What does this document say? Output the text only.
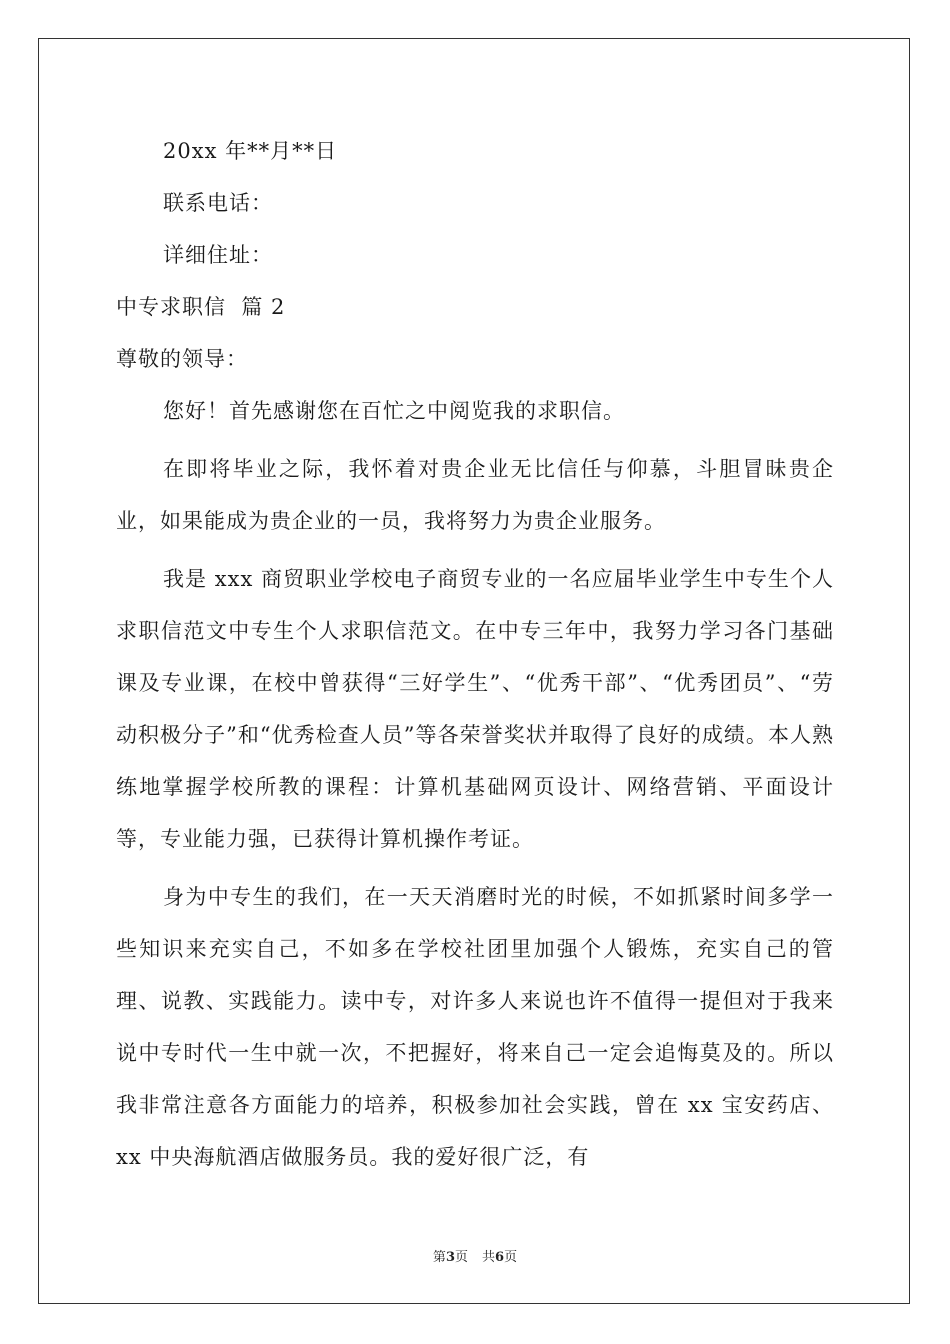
20xx 年**月**日
联系电话：
详细住址：
中专求职信  篇 2
尊敬的领导：

您好！首先感谢您在百忙之中阅览我的求职信。

在即将毕业之际，我怀着对贵企业无比信任与仰慕，斗胆冒昧贵企业，如果能成为贵企业的一员，我将努力为贵企业服务。

我是 xxx 商贸职业学校电子商贸专业的一名应届毕业学生中专生个人求职信范文中专生个人求职信范文。在中专三年中，我努力学习各门基础课及专业课，在校中曾获得“三好学生”、“优秀干部”、“优秀团员”、“劳动积极分子”和“优秀检查人员”等各荣誉奖状并取得了良好的成绩。本人熟练地掌握学校所教的课程：计算机基础网页设计、网络营销、平面设计等，专业能力强，已获得计算机操作考证。

身为中专生的我们，在一天天消磨时光的时候，不如抓紧时间多学一些知识来充实自己，不如多在学校社团里加强个人锻炼，充实自己的管理、说教、实践能力。读中专，对许多人来说也许不值得一提但对于我来说中专时代一生中就一次，不把握好，将来自己一定会追悔莫及的。所以我非常注意各方面能力的培养，积极参加社会实践，曾在 xx 宝安药店、xx 中央海航酒店做服务员。我的爱好很广泛，有

第3页 共6页
